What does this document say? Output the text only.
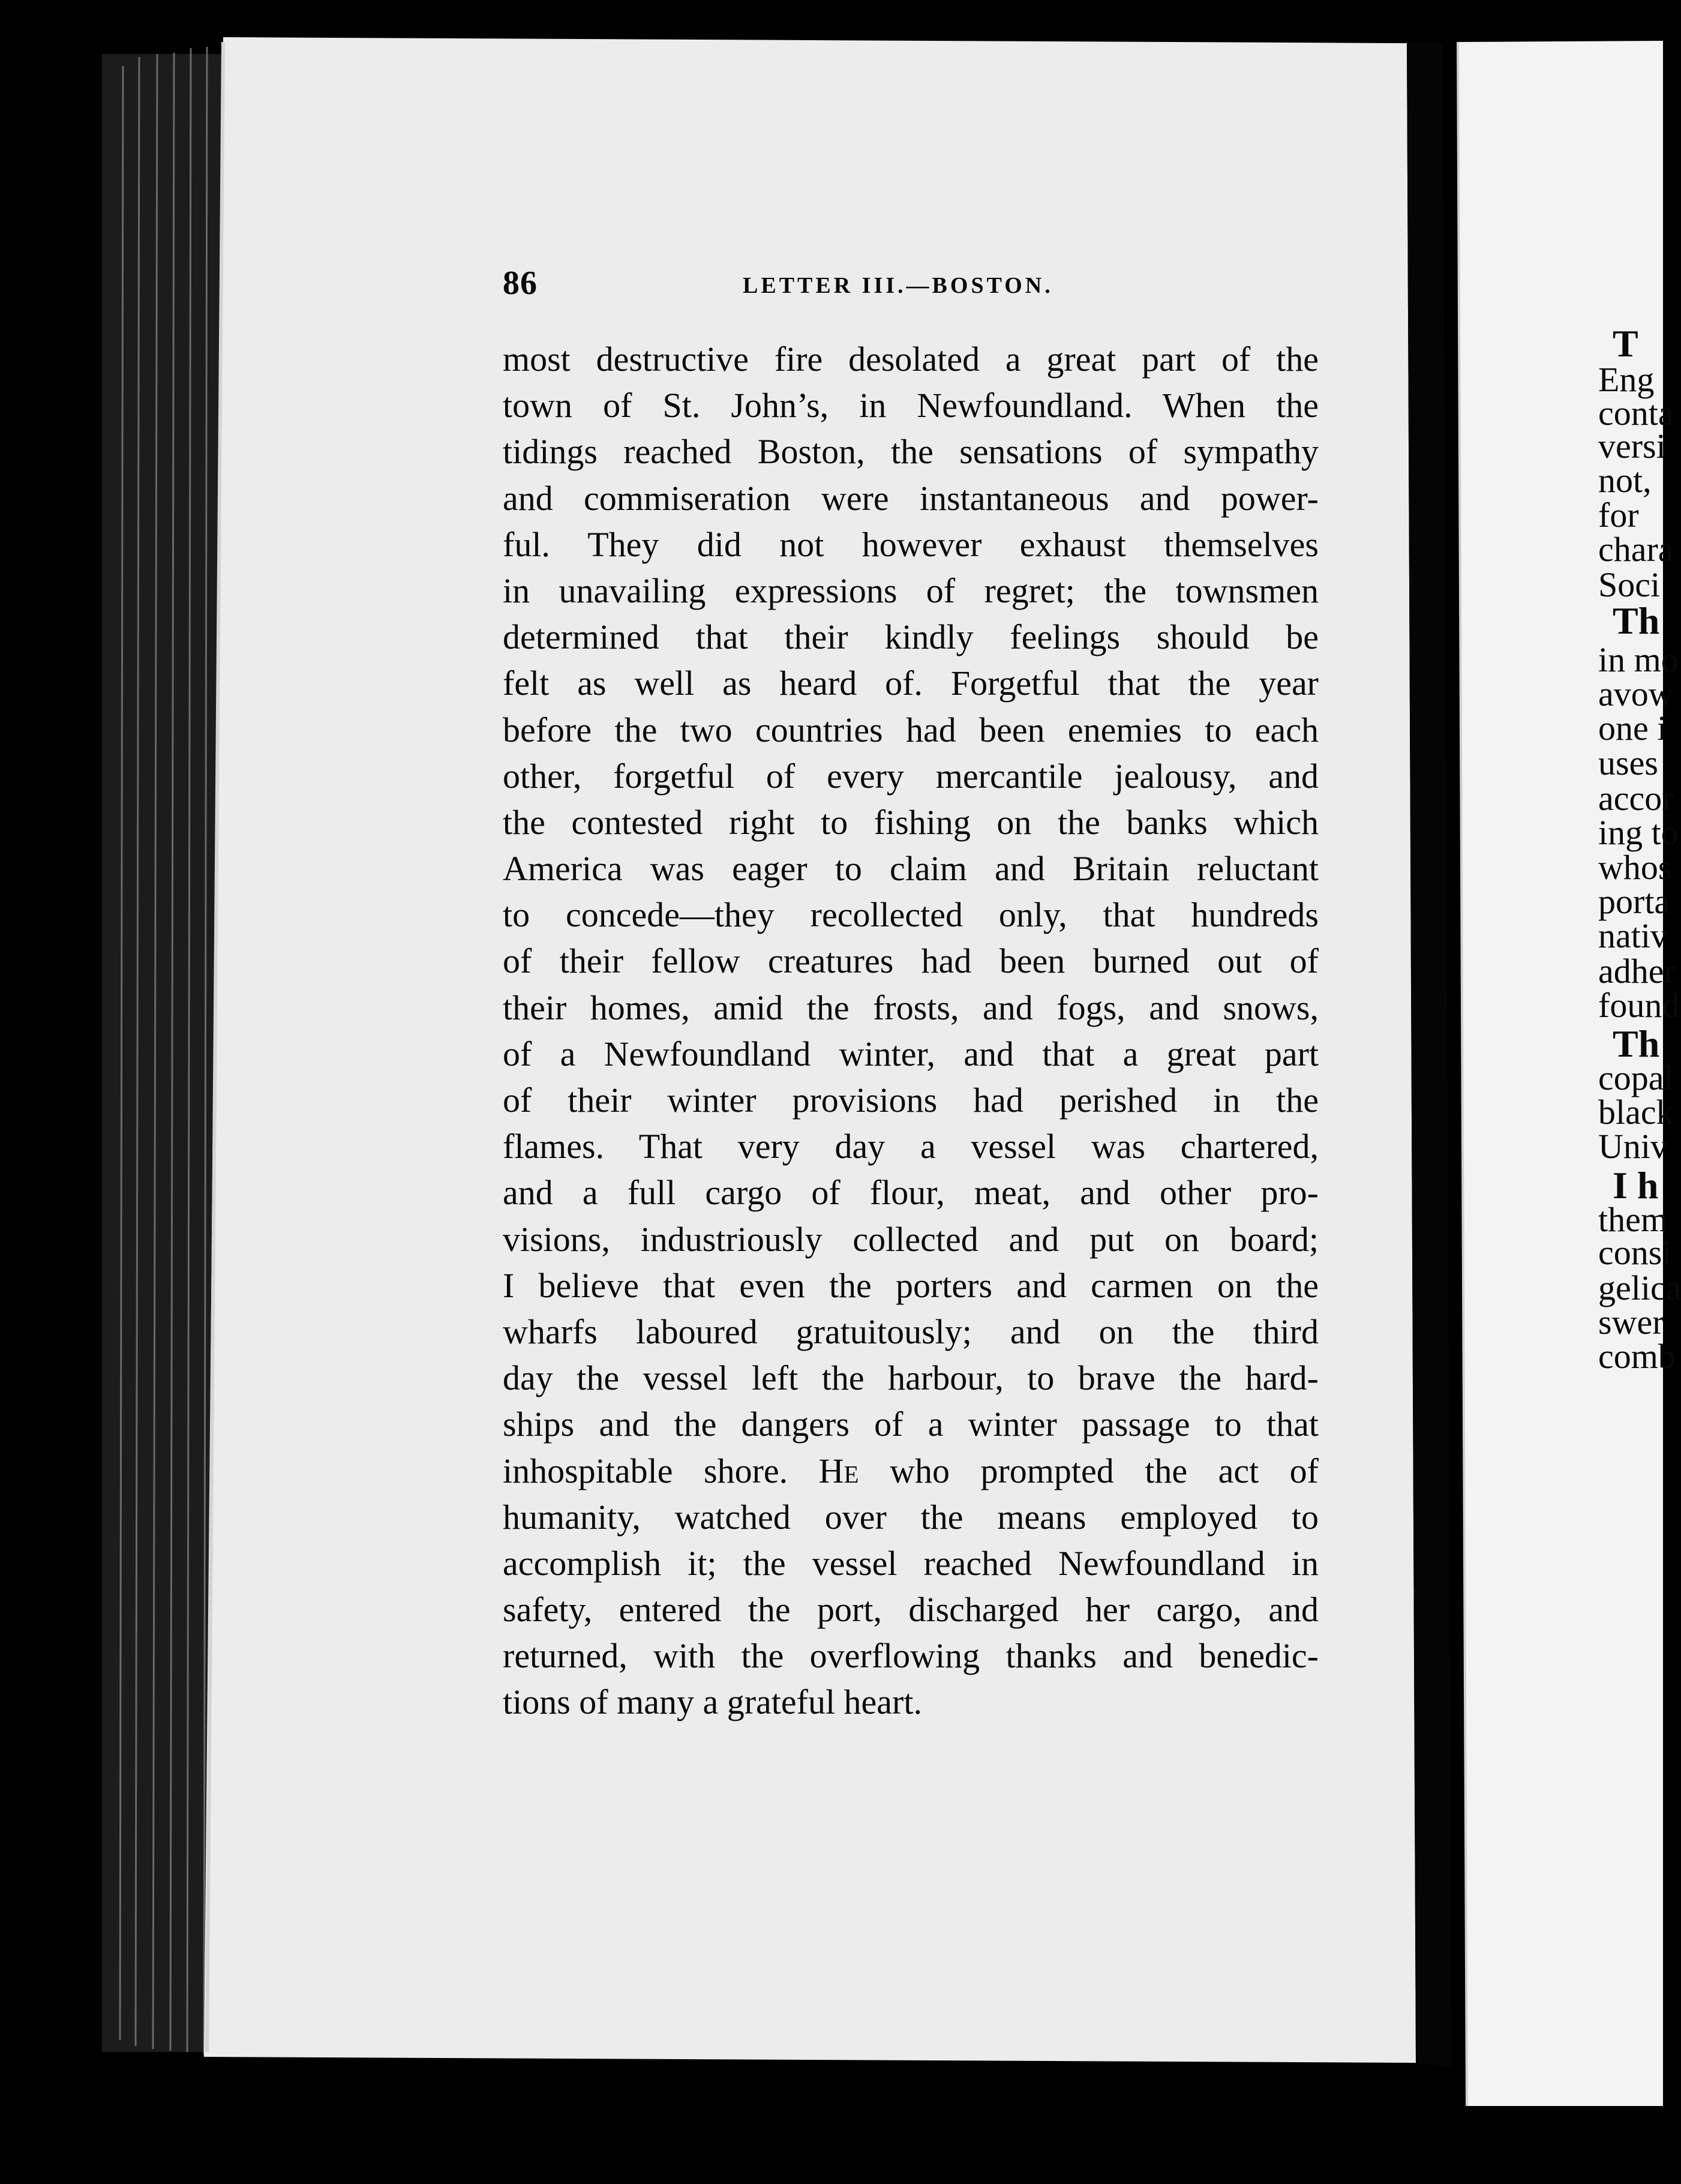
86	LETTER III.—BOSTON.
most destructive fire desolated a great part of the
town of St. John’s, in Newfoundland. When the
tidings reached Boston, the sensations of sympathy
and commiseration were instantaneous and power-
ful. They did not however exhaust themselves
in unavailing expressions of regret; the townsmen
determined that their kindly feelings should be
felt as well as heard of. Forgetful that the year
before the two countries had been enemies to each
other, forgetful of every mercantile jealousy, and
the contested right to fishing on the banks which
America was eager to claim and Britain reluctant
to concede—they recollected only, that hundreds
of their fellow creatures had been burned out of
their homes, amid the frosts, and fogs, and snows,
of a Newfoundland winter, and that a great part
of their winter provisions had perished in the
flames. That very day a vessel was chartered,
and a full cargo of flour, meat, and other pro-
visions, industriously collected and put on board;
I believe that even the porters and carmen on the
wharfs laboured gratuitously; and on the third
day the vessel left the harbour, to brave the hard-
ships and the dangers of a winter passage to that
inhospitable shore. He who prompted the act of
humanity, watched over the means employed to
accomplish it; the vessel reached Newfoundland in
safety, entered the port, discharged her cargo, and
returned, with the overflowing thanks and benedic-
tions of many a grateful heart.
T
Eng
conta
versi
not,
for
chara
Soci
Th
in mo
avow
one i
uses
accor
ing to
whos
porta
nativ
adher
found
Th
copal
black
Univ
I h
them
consi
gelica
swer
comb
